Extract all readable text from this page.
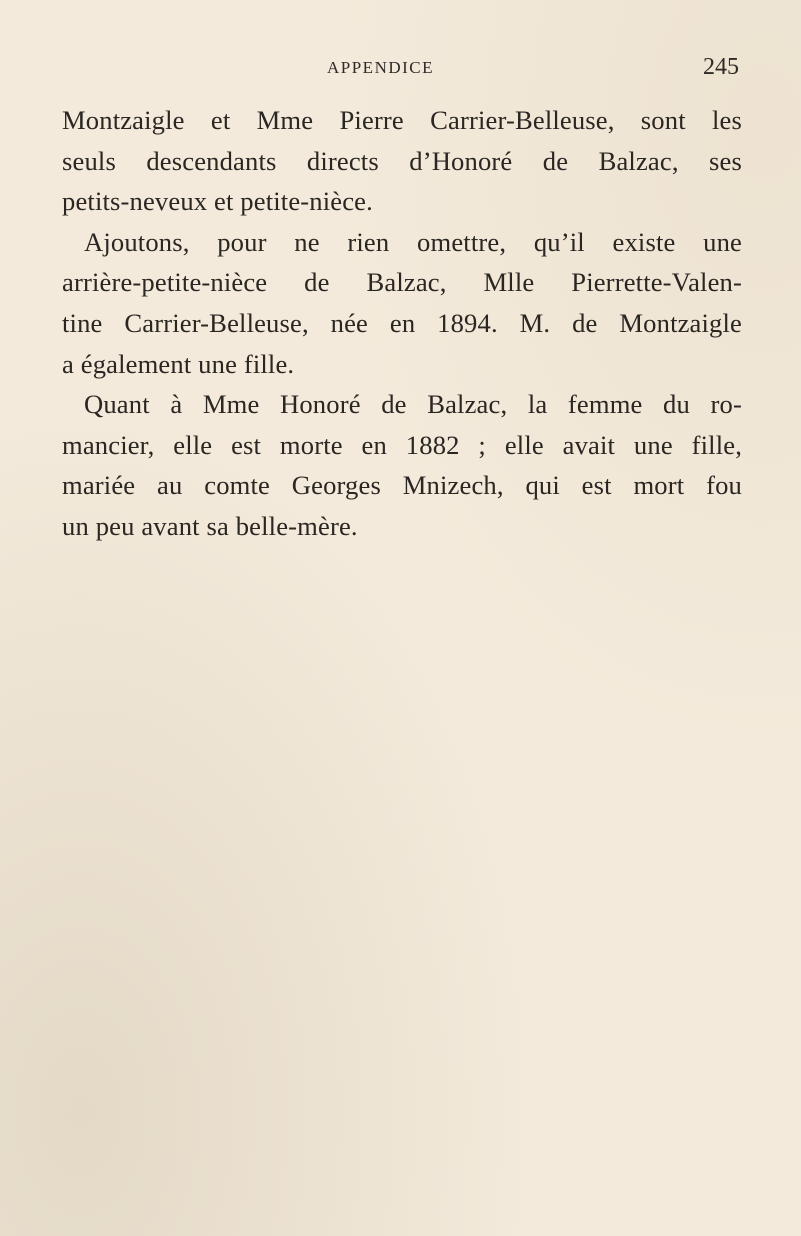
APPENDICE	245
Montzaigle et Mme Pierre Carrier-Belleuse, sont les
seuls descendants directs d’Honoré de Balzac, ses
petits-neveux et petite-nièce.
Ajoutons, pour ne rien omettre, qu’il existe une
arrière-petite-nièce de Balzac, Mlle Pierrette-Valen-
tine Carrier-Belleuse, née en 1894. M. de Montzaigle
a également une fille.
Quant à Mme Honoré de Balzac, la femme du ro-
mancier, elle est morte en 1882 ; elle avait une fille,
mariée au comte Georges Mnizech, qui est mort fou
un peu avant sa belle-mère.
